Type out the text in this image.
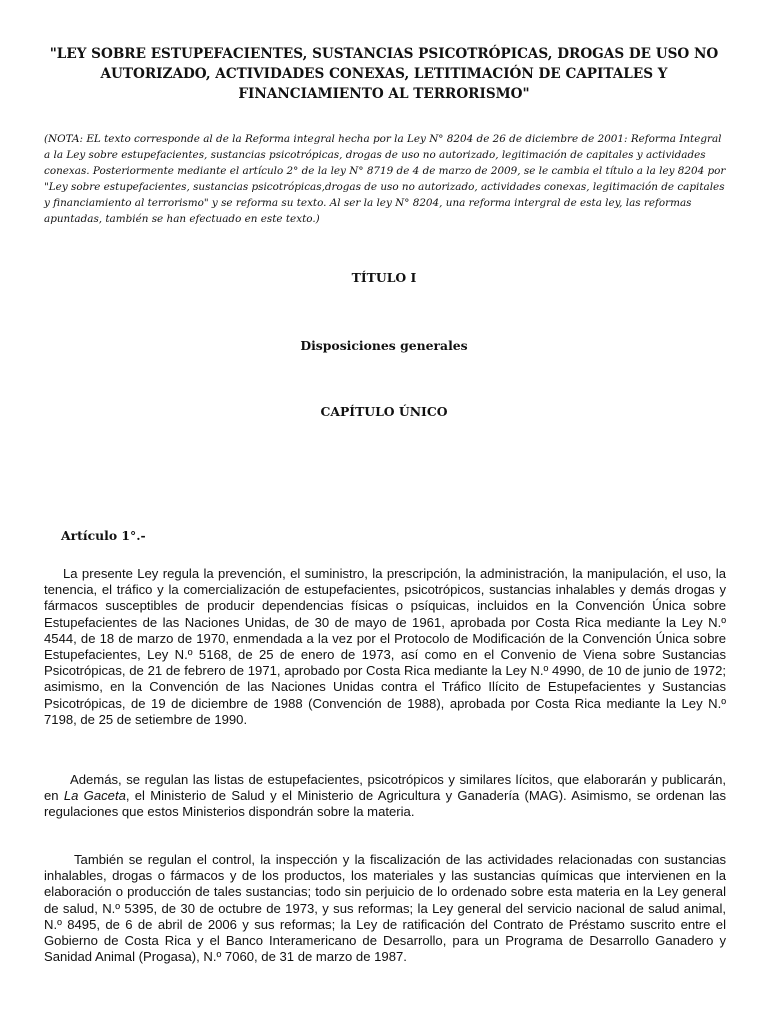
"LEY SOBRE ESTUPEFACIENTES, SUSTANCIAS PSICOTRÓPICAS, DROGAS DE USO NO AUTORIZADO, ACTIVIDADES CONEXAS, LETITIMACIÓN DE CAPITALES Y FINANCIAMIENTO AL TERRORISMO"

(NOTA: EL texto corresponde al de la Reforma integral hecha por la Ley N° 8204 de 26 de diciembre de 2001: Reforma Integral a la Ley sobre estupefacientes, sustancias psicotrópicas, drogas de uso no autorizado, legitimación de capitales y actividades conexas. Posteriormente mediante el artículo 2° de la ley N° 8719 de 4 de marzo de 2009, se le cambia el título a la ley 8204 por "Ley sobre estupefacientes, sustancias psicotrópicas,drogas de uso no autorizado, actividades conexas, legitimación de capitales y financiamiento al terrorismo" y se reforma su texto. Al ser la ley N° 8204, una reforma intergral de esta ley, las reformas apuntadas, también se han efectuado en este texto.)

TÍTULO I
Disposiciones generales
CAPÍTULO ÚNICO
Artículo 1°.-

La presente Ley regula la prevención, el suministro, la prescripción, la administración, la manipulación, el uso, la tenencia, el tráfico y la comercialización de estupefacientes, psicotrópicos, sustancias inhalables y demás drogas y fármacos susceptibles de producir dependencias físicas o psíquicas, incluidos en la Convención Única sobre Estupefacientes de las Naciones Unidas, de 30 de mayo de 1961, aprobada por Costa Rica mediante la Ley N.º 4544, de 18 de marzo de 1970, enmendada a la vez por el Protocolo de Modificación de la Convención Única sobre Estupefacientes, Ley N.º 5168, de 25 de enero de 1973, así como en el Convenio de Viena sobre Sustancias Psicotrópicas, de 21 de febrero de 1971, aprobado por Costa Rica mediante la Ley N.º 4990, de 10 de junio de 1972; asimismo, en la Convención de las Naciones Unidas contra el Tráfico Ilícito de Estupefacientes y Sustancias Psicotrópicas, de 19 de diciembre de 1988 (Convención de 1988), aprobada por Costa Rica mediante la Ley N.º 7198, de 25 de setiembre de 1990.

Además, se regulan las listas de estupefacientes, psicotrópicos y similares lícitos, que elaborarán y publicarán, en La Gaceta, el Ministerio de Salud y el Ministerio de Agricultura y Ganadería (MAG). Asimismo, se ordenan las regulaciones que estos Ministerios dispondrán sobre la materia.

También se regulan el control, la inspección y la fiscalización de las actividades relacionadas con sustancias inhalables, drogas o fármacos y de los productos, los materiales y las sustancias químicas que intervienen en la elaboración o producción de tales sustancias; todo sin perjuicio de lo ordenado sobre esta materia en la Ley general de salud, N.º 5395, de 30 de octubre de 1973, y sus reformas; la Ley general del servicio nacional de salud animal, N.º 8495, de 6 de abril de 2006 y sus reformas; la Ley de ratificación del Contrato de Préstamo suscrito entre el Gobierno de Costa Rica y el Banco Interamericano de Desarrollo, para un Programa de Desarrollo Ganadero y Sanidad Animal (Progasa), N.º 7060, de 31 de marzo de 1987.
